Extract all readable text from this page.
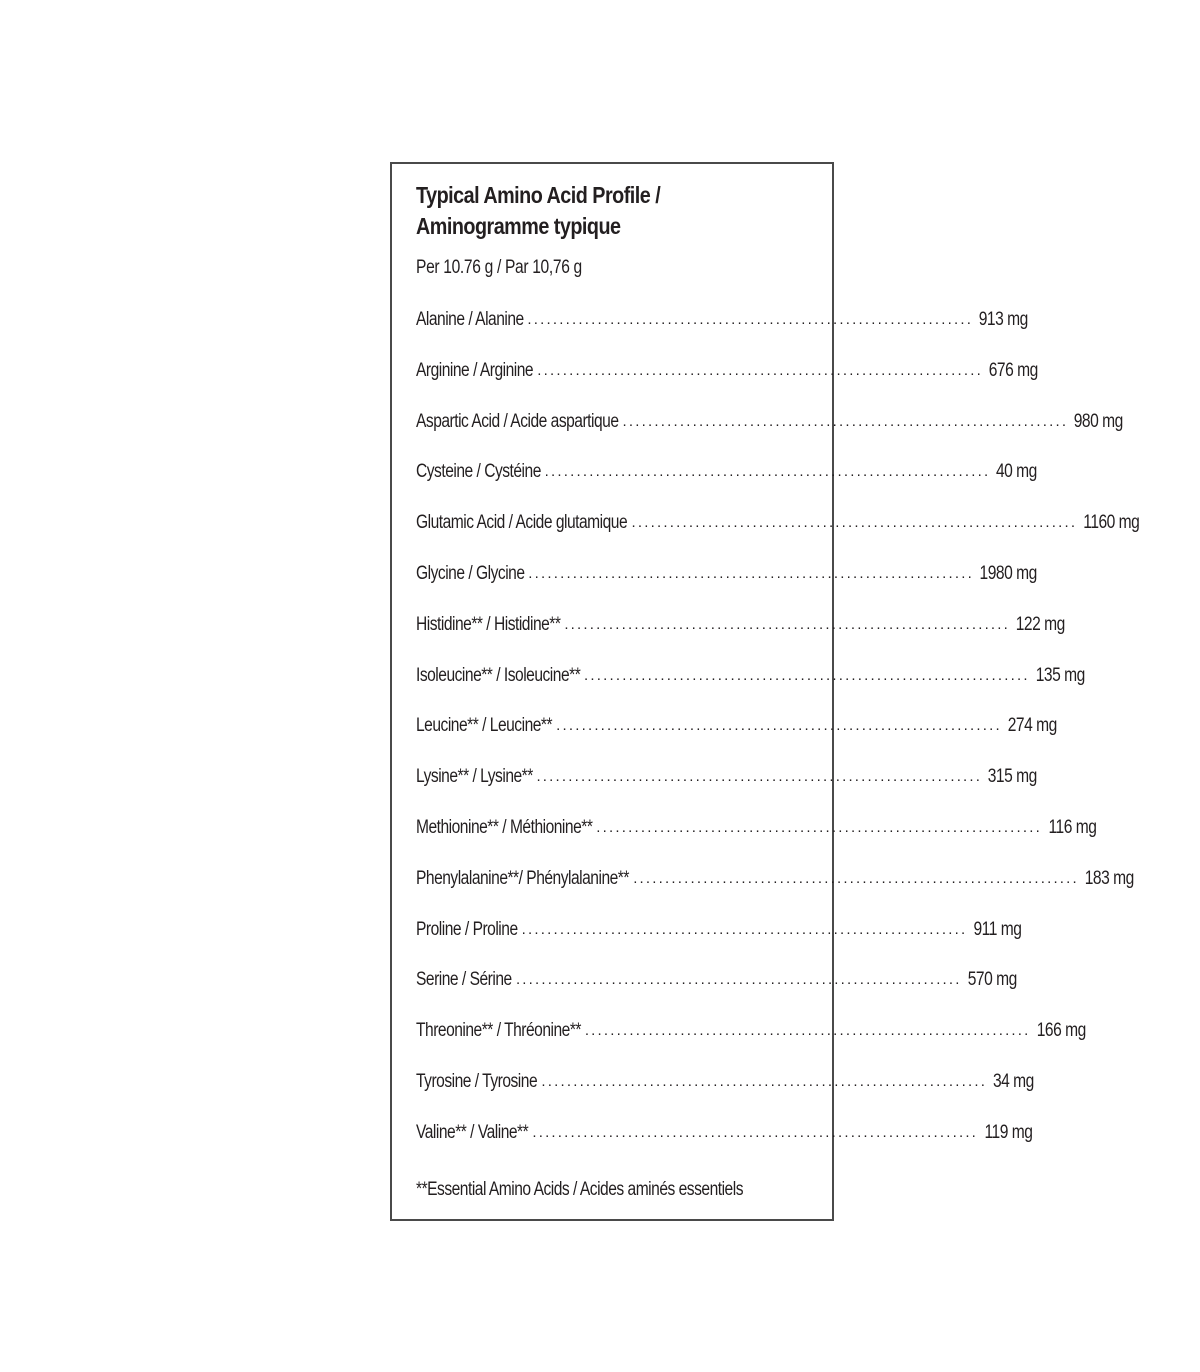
Typical Amino Acid Profile /
Aminogramme typique
Per 10.76 g / Par 10,76 g
Alanine / Alanine ...................................................................... 913 mg
Arginine / Arginine ...................................................................... 676 mg
Aspartic Acid / Acide aspartique ...................................................................... 980 mg
Cysteine / Cystéine ...................................................................... 40 mg
Glutamic Acid / Acide glutamique ...................................................................... 1160 mg
Glycine / Glycine ...................................................................... 1980 mg
Histidine** / Histidine** ...................................................................... 122 mg
Isoleucine** / Isoleucine** ...................................................................... 135 mg
Leucine** / Leucine** ...................................................................... 274 mg
Lysine** / Lysine** ...................................................................... 315 mg
Methionine** / Méthionine** ...................................................................... 116 mg
Phenylalanine**/ Phénylalanine** ...................................................................... 183 mg
Proline / Proline ...................................................................... 911 mg
Serine / Sérine ...................................................................... 570 mg
Threonine** / Thréonine** ...................................................................... 166 mg
Tyrosine / Tyrosine ...................................................................... 34 mg
Valine** / Valine** ...................................................................... 119 mg
**Essential Amino Acids / Acides aminés essentiels
